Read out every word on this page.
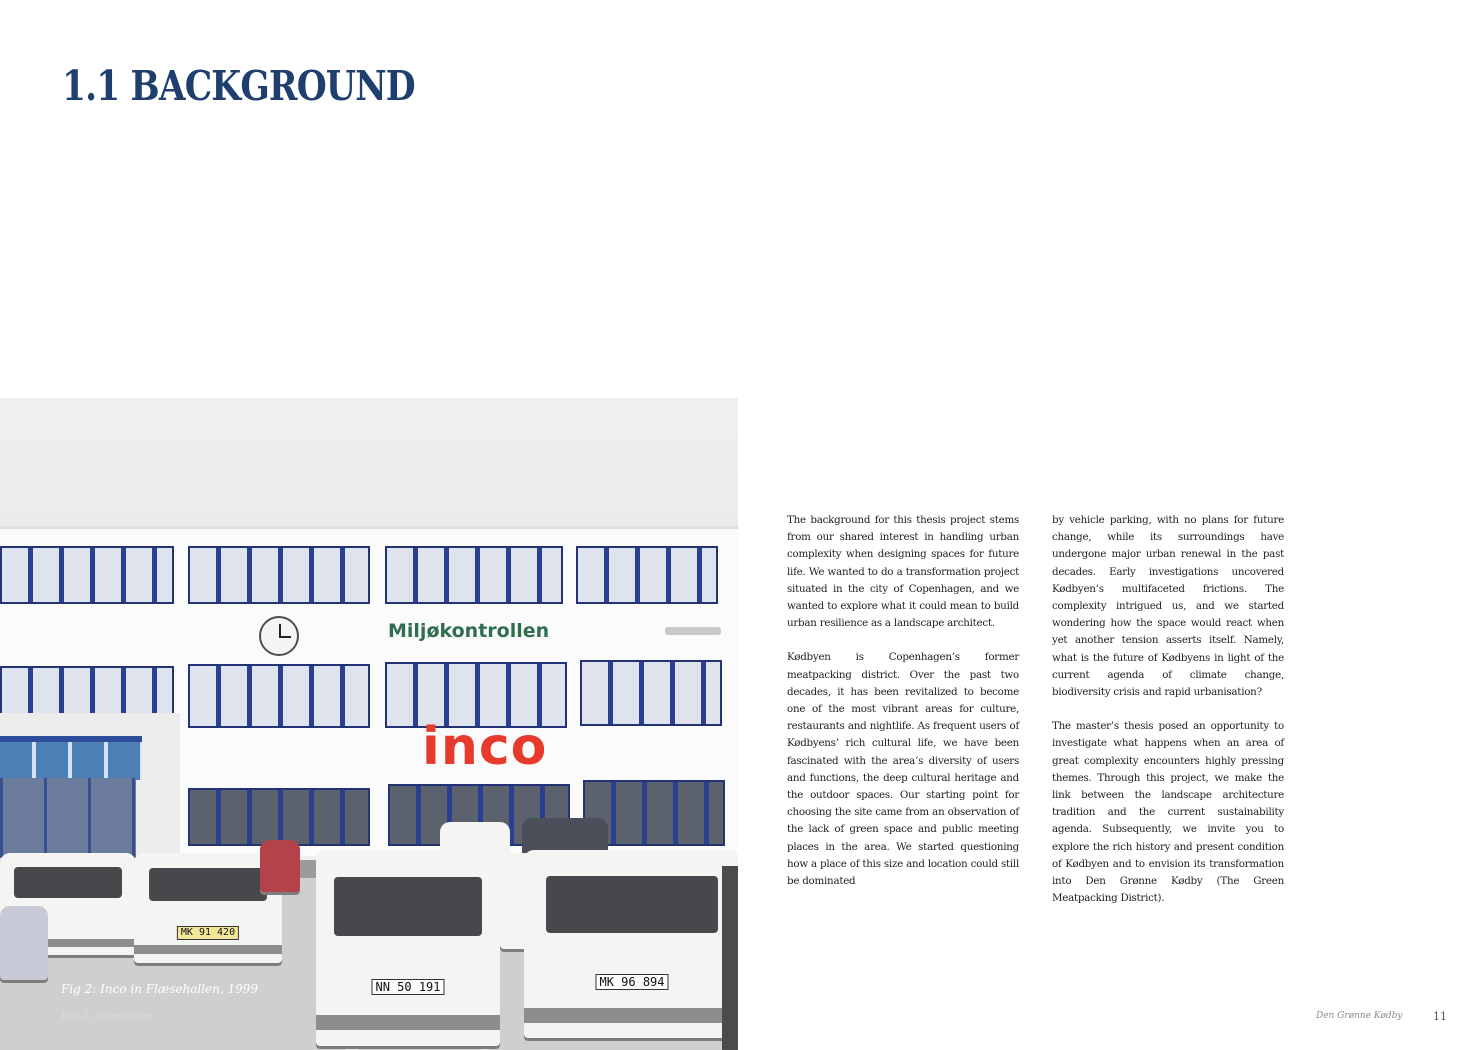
1.1 BACKGROUND

Miljøkontrollen

inco

MK 91 420
NN 50 191	MK 96 894

Fig 2: Inco in Flæsehallen, 1999

Part 1: Introduction

The background for this thesis project stems from our shared interest in handling urban complexity when designing spaces for future life. We wanted to do a transformation project situated in the city of Copenhagen, and we wanted to explore what it could mean to build urban resilience as a landscape architect.

Kødbyen is Copenhagen’s former meatpacking district. Over the past two decades, it has been revitalized to become one of the most vibrant areas for culture, restaurants and nightlife. As frequent users of Kødbyens’ rich cultural life, we have been fascinated with the area’s diversity of users and functions, the deep cultural heritage and the outdoor spaces. Our starting point for choosing the site came from an observation of the lack of green space and public meeting places in the area. We started questioning how a place of this size and location could still be dominated

by vehicle parking, with no plans for future change, while its surroundings have undergone major urban renewal in the past decades. Early investigations uncovered Kødbyen’s multifaceted frictions. The complexity intrigued us, and we started wondering how the space would react when yet another tension asserts itself. Namely, what is the future of Kødbyens in light of the current agenda of climate change, biodiversity crisis and rapid urbanisation?

The master’s thesis posed an opportunity to investigate what happens when an area of great complexity encounters highly pressing themes. Through this project, we make the link between the landscape architecture tradition and the current sustainability agenda. Subsequently, we invite you to explore the rich history and present condition of Kødbyen and to envision its transformation into Den Grønne Kødby (The Green Meatpacking District).

Den Grønne Kødby	11
